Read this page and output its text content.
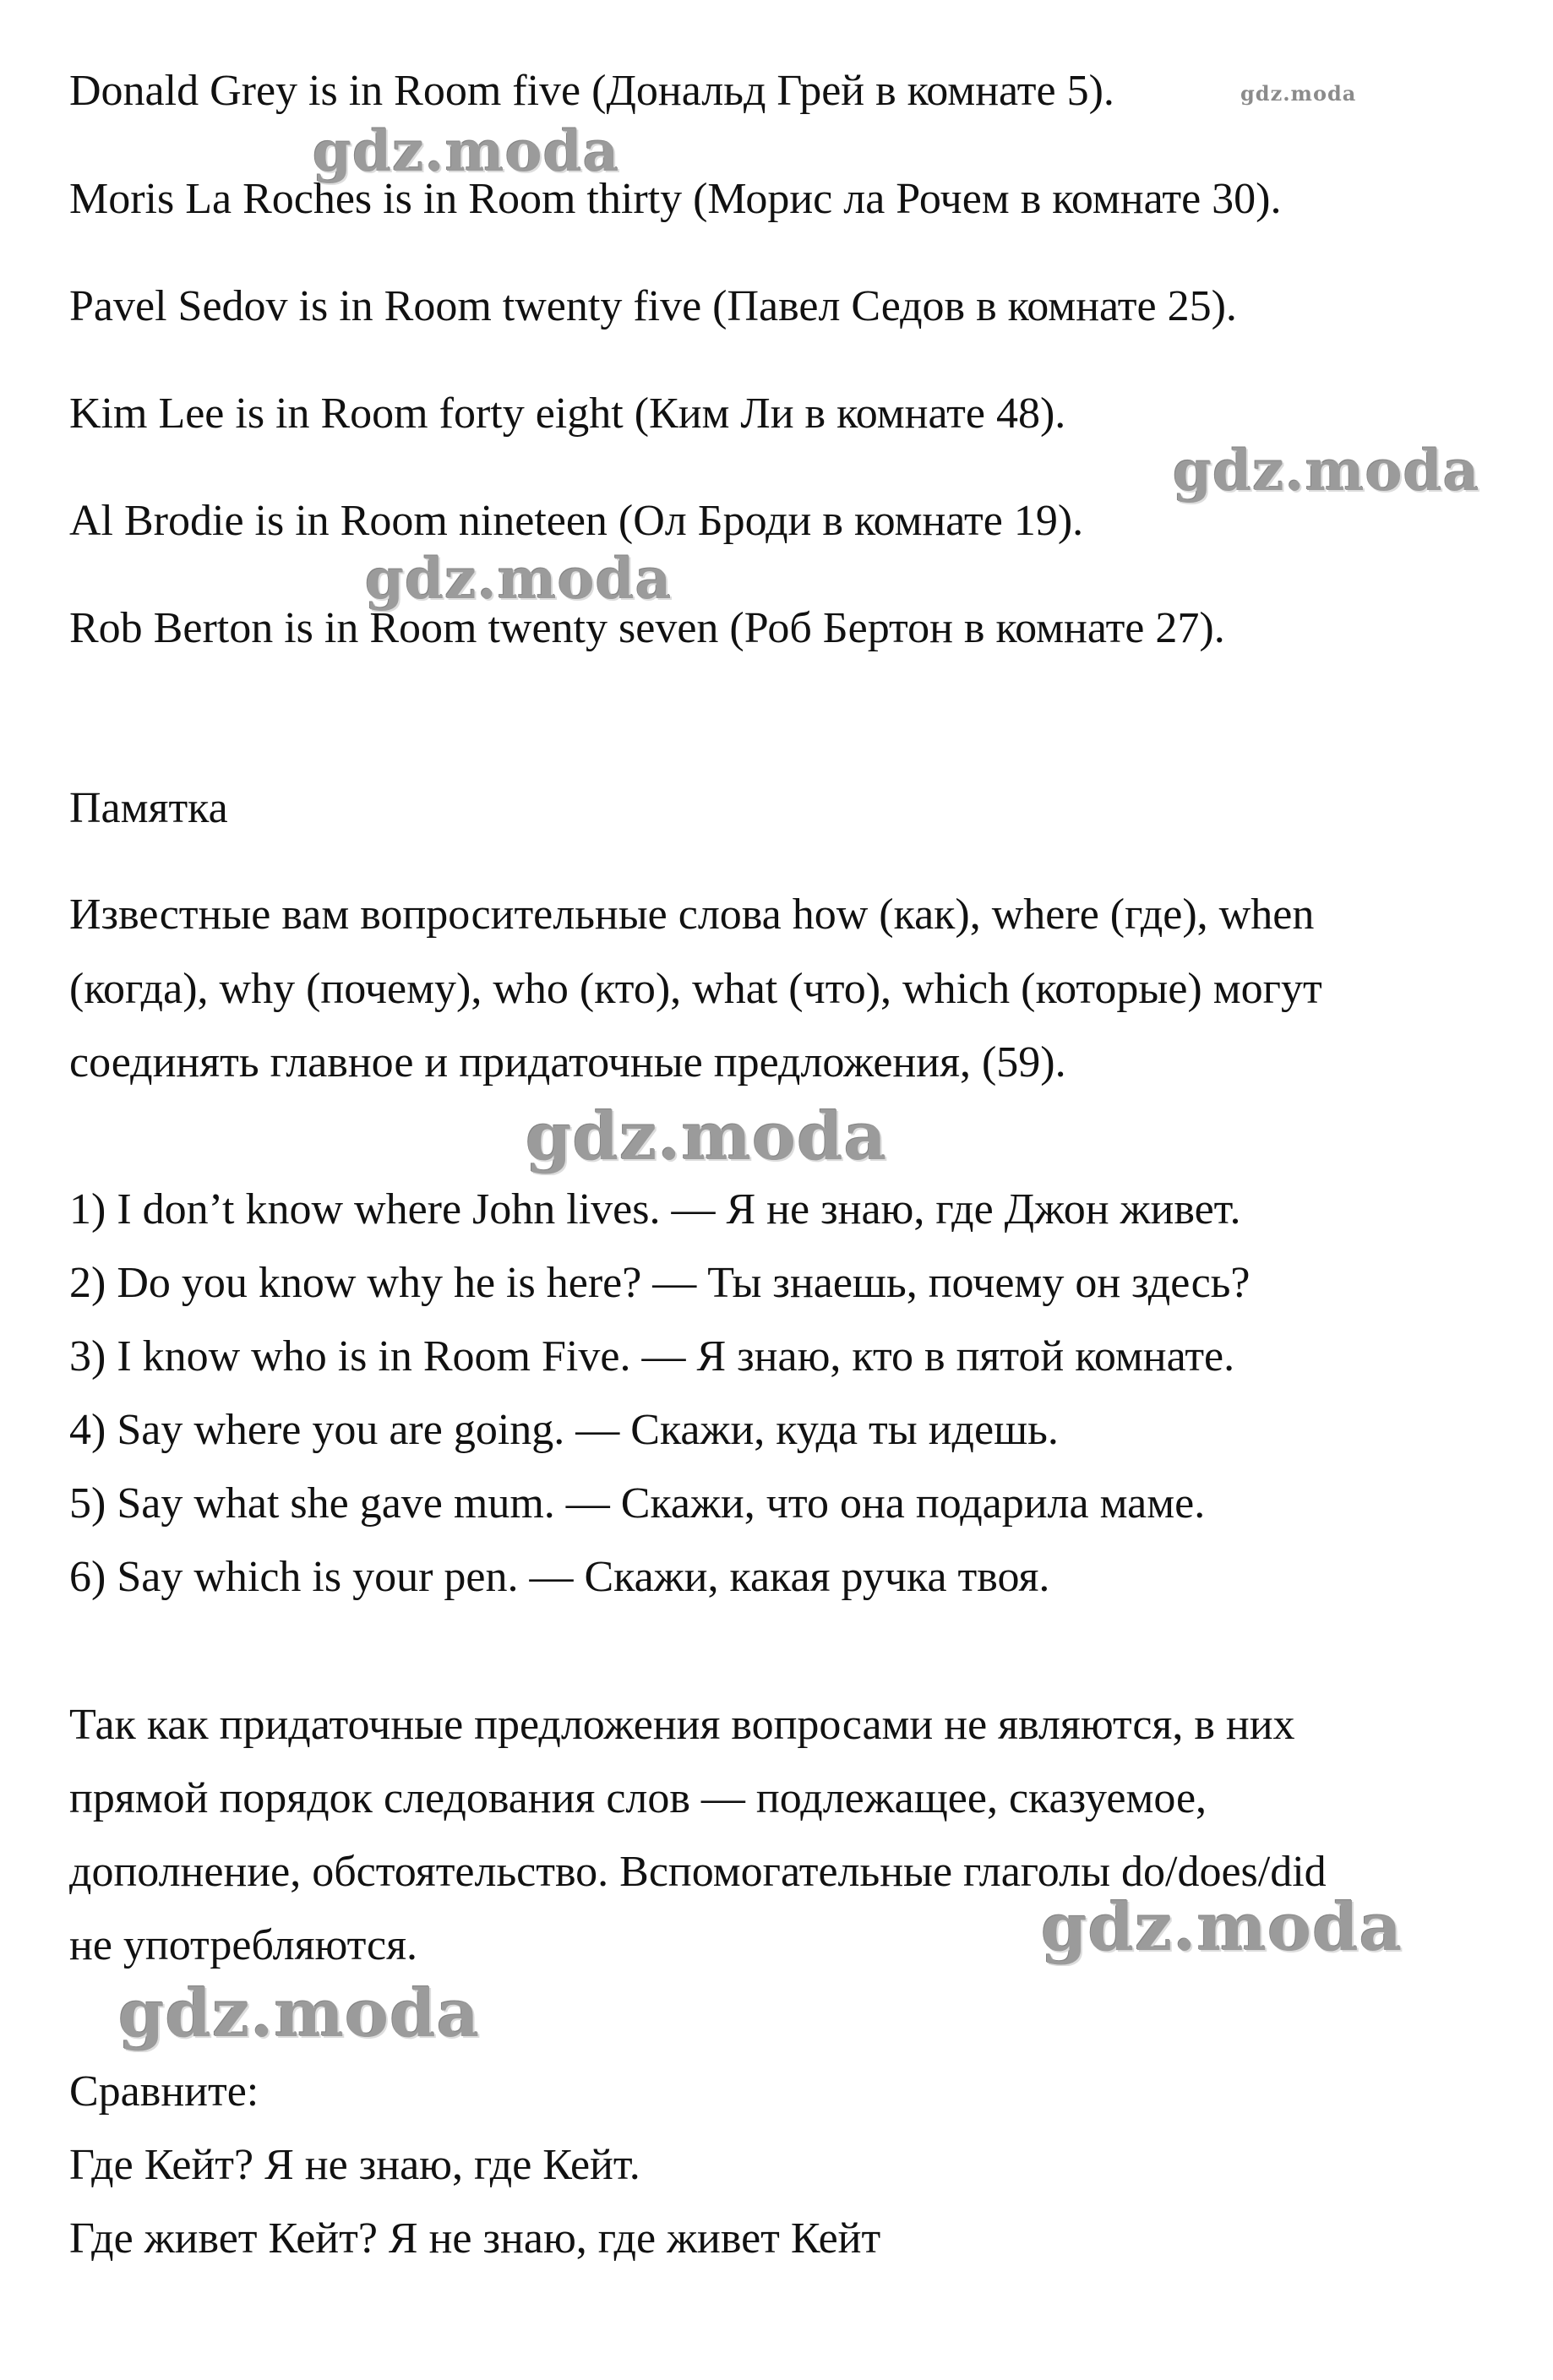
Donald Grey is in Room five (Дональд Грей в комнате 5).
Moris La Roches is in Room thirty (Морис ла Рочем в комнате 30).
Pavel Sedov is in Room twenty five (Павел Седов в комнате 25).
Kim Lee is in Room forty eight (Ким Ли в комнате 48).
Al Brodie is in Room nineteen (Ол Броди в комнате 19).
Rob Berton is in Room twenty seven (Роб Бертон в комнате 27).
Памятка
Известные вам вопросительные слова how (как), where (где), when
(когда), why (почему), who (кто), what (что), which (которые) могут
соединять главное и придаточные предложения, (59).
1) I don’t know where John lives. — Я не знаю, где Джон живет.
2) Do you know why he is here? — Ты знаешь, почему он здесь?
3) I know who is in Room Five. — Я знаю, кто в пятой комнате.
4) Say where you are going. — Скажи, куда ты идешь.
5) Say what she gave mum. — Скажи, что она подарила маме.
6) Say which is your pen. — Скажи, какая ручка твоя.
Так как придаточные предложения вопросами не являются, в них
прямой порядок следования слов — подлежащее, сказуемое,
дополнение, обстоятельство. Вспомогательные глаголы do/does/did
не употребляются.
Сравните:
Где Кейт? Я не знаю, где Кейт.
Где живет Кейт? Я не знаю, где живет Кейт
gdz.moda
gdz.moda
gdz.moda
gdz.moda
gdz.moda
gdz.moda
gdz.moda
